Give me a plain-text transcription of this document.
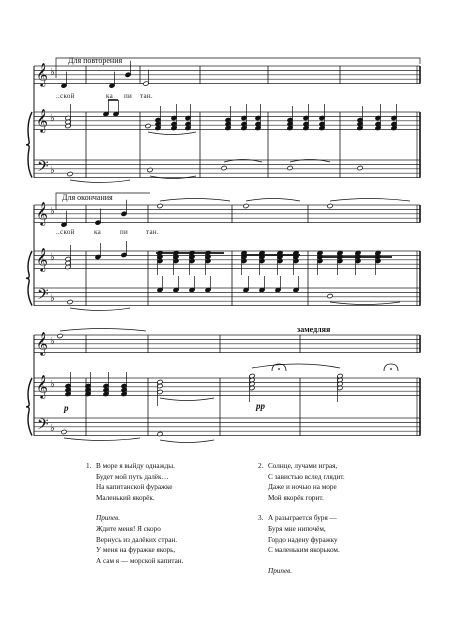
𝄞
𝄞
𝄢
♭
♭
♭
𝄞
𝄞
𝄢
♭
♭
♭
𝄞
𝄞
𝄢
♭
♭
♭
Для повторения
..ской	ка пи тан.
Для окончания
..ской	ка	пи	тан.
замедляя
p	pp
1. В море я выйду однажды.
Будет мой путь далёк…
На капитанской фуражке
Маленький якорёк.
Припев.
Ждите меня! Я скоро
Вернусь из далёких стран.
У меня на фуражке якорь,
А сам я — морской капитан.
2. Солнце, лучами играя,
С завистью вслед глядит.
Даже и ночью на море
Мой якорёк горит.
3. А разыграется буря —
Буря мне нипочём,
Гордо надену фуражку
С маленьким якорьком.
Припев.
